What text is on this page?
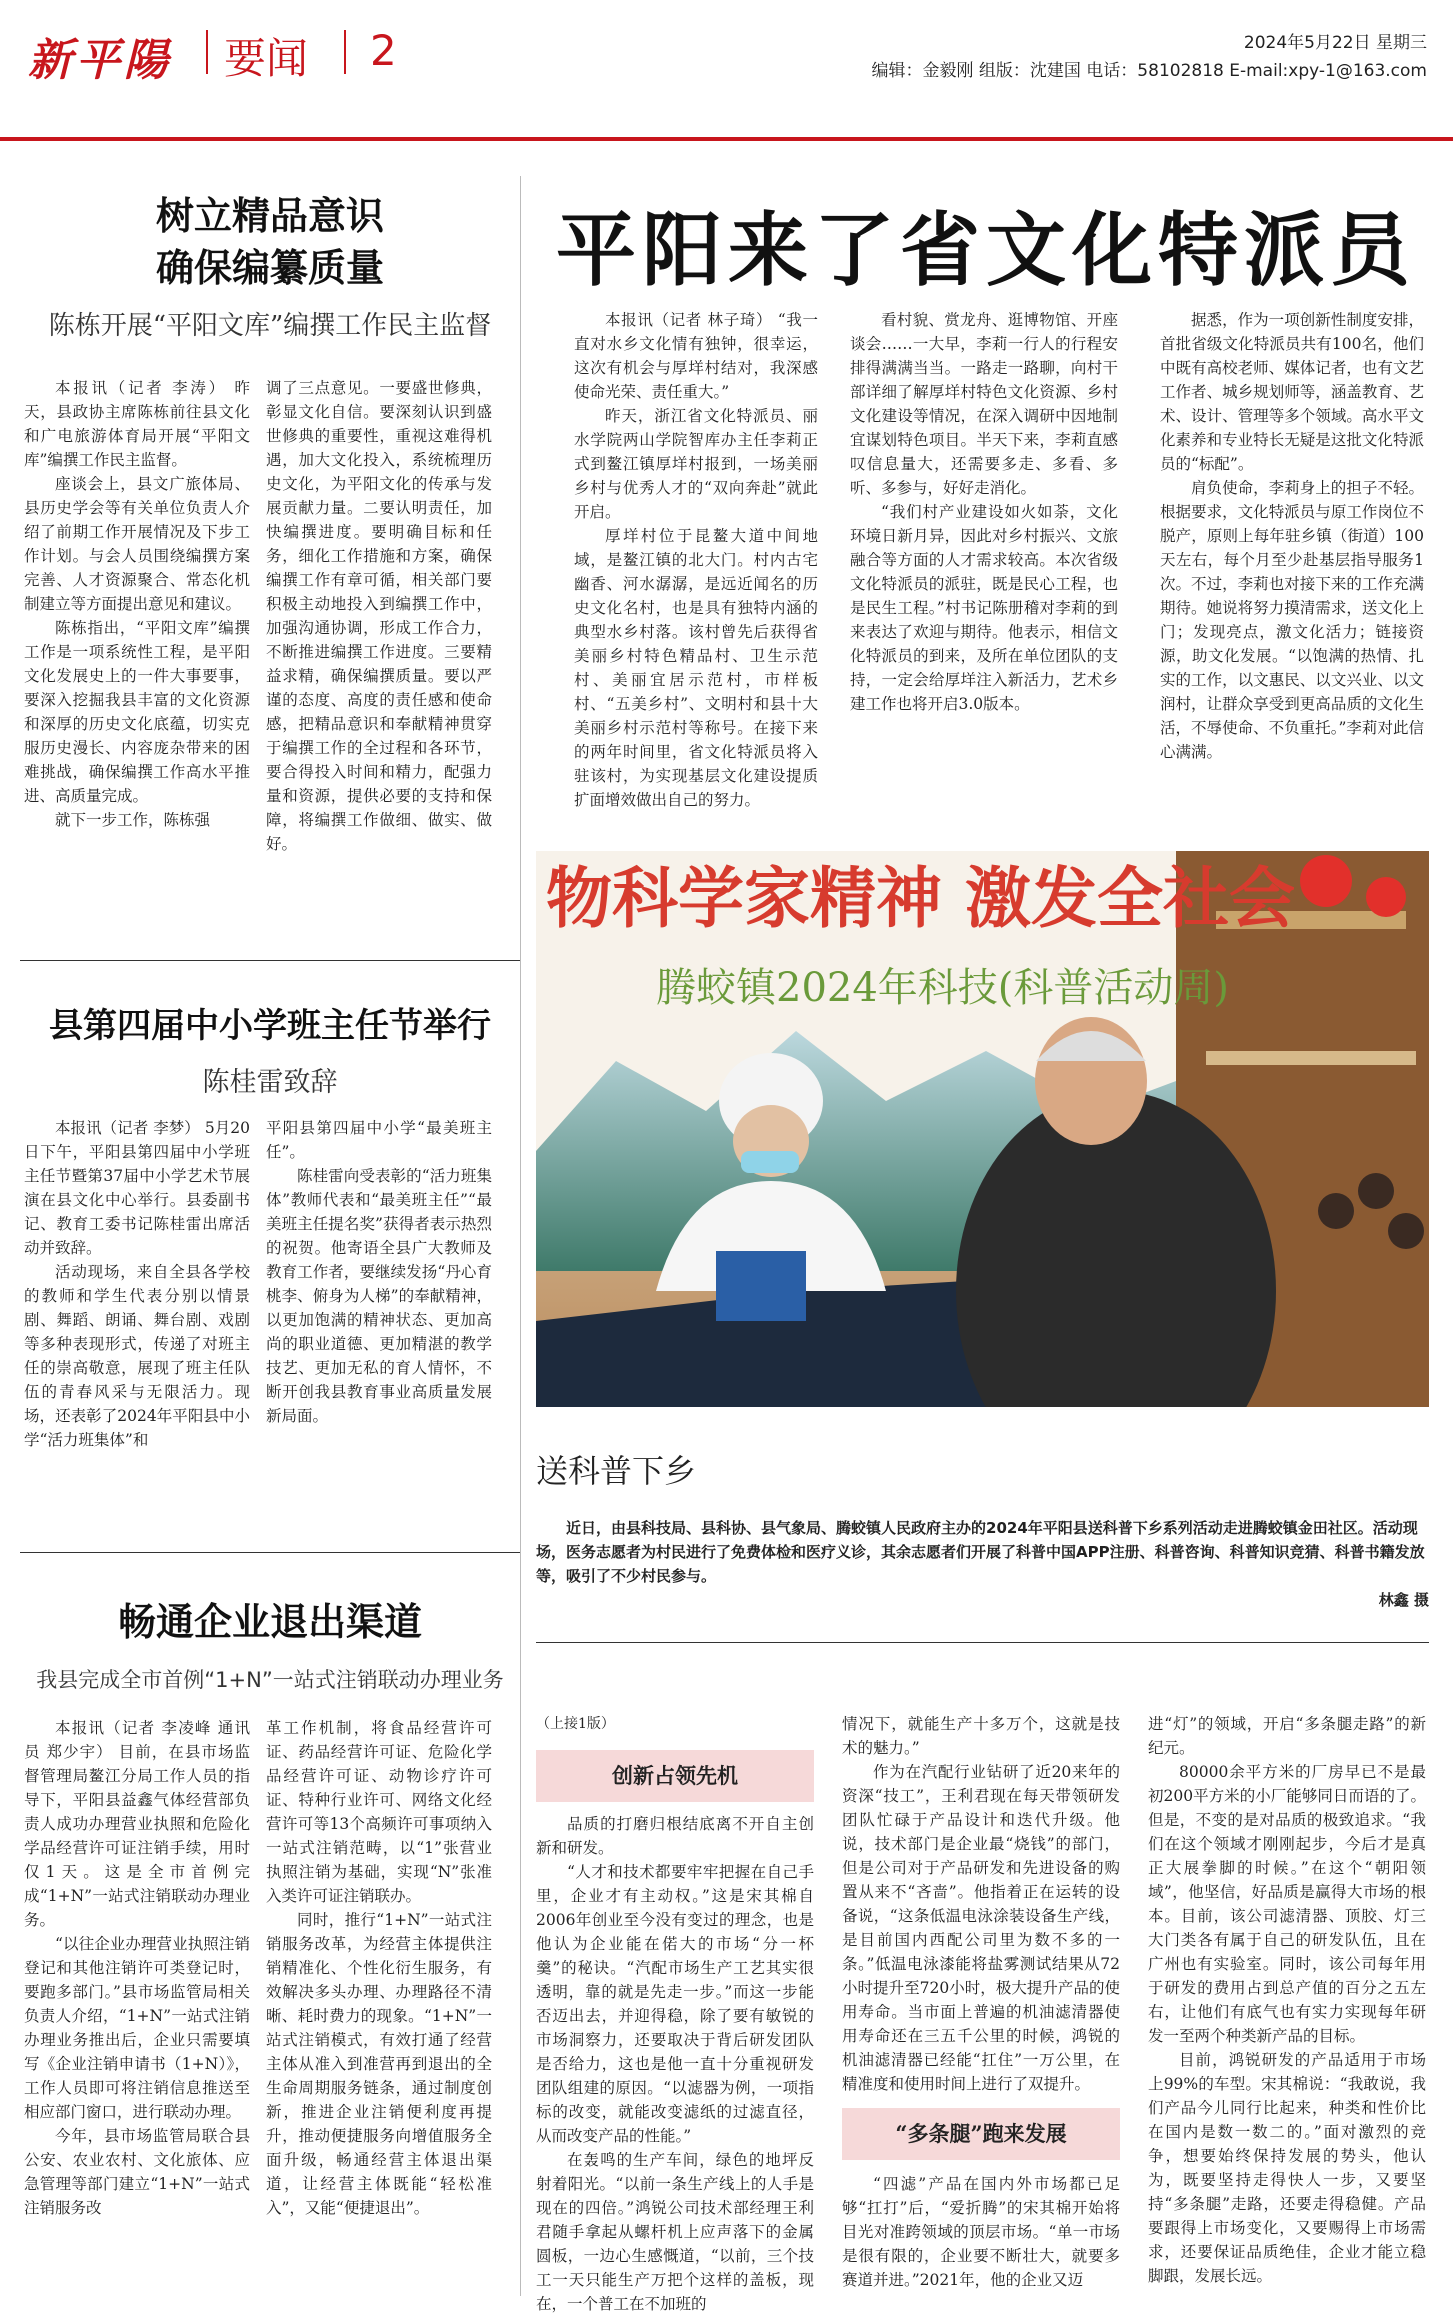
新平陽 要闻 2	2024年5月22日 星期三
编辑：金毅刚 组版：沈建国 电话：58102818 E-mail:xpy-1@163.com
树立精品意识
确保编纂质量
陈栋开展“平阳文库”编撰工作民主监督

本报讯（记者 李涛） 昨天，县政协主席陈栋前往县文化和广电旅游体育局开展“平阳文库”编撰工作民主监督。

座谈会上，县文广旅体局、县历史学会等有关单位负责人介绍了前期工作开展情况及下步工作计划。与会人员围绕编撰方案完善、人才资源聚合、常态化机制建立等方面提出意见和建议。

陈栋指出，“平阳文库”编撰工作是一项系统性工程，是平阳文化发展史上的一件大事要事，要深入挖掘我县丰富的文化资源和深厚的历史文化底蕴，切实克服历史漫长、内容庞杂带来的困难挑战，确保编撰工作高水平推进、高质量完成。

就下一步工作，陈栋强

调了三点意见。一要盛世修典，彰显文化自信。要深刻认识到盛世修典的重要性，重视这难得机遇，加大文化投入，系统梳理历史文化，为平阳文化的传承与发展贡献力量。二要认明责任，加快编撰进度。要明确目标和任务，细化工作措施和方案，确保编撰工作有章可循，相关部门要积极主动地投入到编撰工作中，加强沟通协调，形成工作合力，不断推进编撰工作进度。三要精益求精，确保编撰质量。要以严谨的态度、高度的责任感和使命感，把精品意识和奉献精神贯穿于编撰工作的全过程和各环节，要合得投入时间和精力，配强力量和资源，提供必要的支持和保障，将编撰工作做细、做实、做好。

县第四届中小学班主任节举行
陈桂雷致辞

本报讯（记者 李梦） 5月20日下午，平阳县第四届中小学班主任节暨第37届中小学艺术节展演在县文化中心举行。县委副书记、教育工委书记陈桂雷出席活动并致辞。

活动现场，来自全县各学校的教师和学生代表分别以情景剧、舞蹈、朗诵、舞台剧、戏剧等多种表现形式，传递了对班主任的崇高敬意，展现了班主任队伍的青春风采与无限活力。现场，还表彰了2024年平阳县中小学“活力班集体”和

平阳县第四届中小学“最美班主任”。

陈桂雷向受表彰的“活力班集体”教师代表和“最美班主任”“最美班主任提名奖”获得者表示热烈的祝贺。他寄语全县广大教师及教育工作者，要继续发扬“丹心育桃李、俯身为人梯”的奉献精神，以更加饱满的精神状态、更加高尚的职业道德、更加精湛的教学技艺、更加无私的育人情怀，不断开创我县教育事业高质量发展新局面。

平阳来了省文化特派员

本报讯（记者 林子琦） “我一直对水乡文化情有独钟，很幸运，这次有机会与厚垟村结对，我深感使命光荣、责任重大。”

昨天，浙江省文化特派员、丽水学院两山学院智库办主任李莉正式到鳌江镇厚垟村报到，一场美丽乡村与优秀人才的“双向奔赴”就此开启。

厚垟村位于昆鳌大道中间地域，是鳌江镇的北大门。村内古宅幽香、河水潺潺，是远近闻名的历史文化名村，也是具有独特内涵的典型水乡村落。该村曾先后获得省美丽乡村特色精品村、卫生示范村、美丽宜居示范村，市样板村、“五美乡村”、文明村和县十大美丽乡村示范村等称号。在接下来的两年时间里，省文化特派员将入驻该村，为实现基层文化建设提质扩面增效做出自己的努力。

看村貌、赏龙舟、逛博物馆、开座谈会……一大早，李莉一行人的行程安排得满满当当。一路走一路聊，向村干部详细了解厚垟村特色文化资源、乡村文化建设等情况，在深入调研中因地制宜谋划特色项目。半天下来，李莉直感叹信息量大，还需要多走、多看、多听、多参与，好好走消化。

“我们村产业建设如火如荼，文化环境日新月异，因此对乡村振兴、文旅融合等方面的人才需求较高。本次省级文化特派员的派驻，既是民心工程，也是民生工程。”村书记陈册稽对李莉的到来表达了欢迎与期待。他表示，相信文化特派员的到来，及所在单位团队的支持，一定会给厚垟注入新活力，艺术乡建工作也将开启3.0版本。

据悉，作为一项创新性制度安排，首批省级文化特派员共有100名，他们中既有高校老师、媒体记者，也有文艺工作者、城乡规划师等，涵盖教育、艺术、设计、管理等多个领域。高水平文化素养和专业特长无疑是这批文化特派员的“标配”。

肩负使命，李莉身上的担子不轻。根据要求，文化特派员与原工作岗位不脱产，原则上每年驻乡镇（街道）100天左右，每个月至少赴基层指导服务1次。不过，李莉也对接下来的工作充满期待。她说将努力摸清需求，送文化上门；发现亮点，激文化活力；链接资源，助文化发展。“以饱满的热情、扎实的工作，以文惠民、以文兴业、以文润村，让群众享受到更高品质的文化生活，不辱使命、不负重托。”李莉对此信心满满。

物科学家精神 激发全社会
腾蛟镇2024年科技(科普活动周)
送科普下乡
近日，由县科技局、县科协、县气象局、腾蛟镇人民政府主办的2024年平阳县送科普下乡系列活动走进腾蛟镇金田社区。活动现场，医务志愿者为村民进行了免费体检和医疗义诊，其余志愿者们开展了科普中国APP注册、科普咨询、科普知识竞猜、科普书籍发放等，吸引了不少村民参与。
林鑫 摄
畅通企业退出渠道
我县完成全市首例“1+N”一站式注销联动办理业务

本报讯（记者 李凌峰 通讯员 郑少宇） 目前，在县市场监督管理局鳌江分局工作人员的指导下，平阳县益鑫气体经营部负责人成功办理营业执照和危险化学品经营许可证注销手续，用时仅1天。这是全市首例完成“1+N”一站式注销联动办理业务。

“以往企业办理营业执照注销登记和其他注销许可类登记时，要跑多部门。”县市场监管局相关负责人介绍，“1+N”一站式注销办理业务推出后，企业只需要填写《企业注销申请书（1+N）》，工作人员即可将注销信息推送至相应部门窗口，进行联动办理。

今年，县市场监管局联合县公安、农业农村、文化旅体、应急管理等部门建立“1+N”一站式注销服务改

革工作机制，将食品经营许可证、药品经营许可证、危险化学品经营许可证、动物诊疗许可证、特种行业许可、网络文化经营许可等13个高频许可事项纳入一站式注销范畴，以“1”张营业执照注销为基础，实现“N”张准入类许可证注销联办。

同时，推行“1+N”一站式注销服务改革，为经营主体提供注销精准化、个性化衍生服务，有效解决多头办理、办理路径不清晰、耗时费力的现象。“1+N”一站式注销模式，有效打通了经营主体从准入到准营再到退出的全生命周期服务链条，通过制度创新，推进企业注销便利度再提升，推动便捷服务向增值服务全面升级，畅通经营主体退出渠道，让经营主体既能“轻松准入”，又能“便捷退出”。

（上接1版）
创新占领先机

品质的打磨归根结底离不开自主创新和研发。

“人才和技术都要牢牢把握在自己手里，企业才有主动权。”这是宋其棉自2006年创业至今没有变过的理念，也是他认为企业能在偌大的市场“分一杯羹”的秘诀。“汽配市场生产工艺其实很透明，靠的就是先走一步。”而这一步能否迈出去，并迎得稳，除了要有敏锐的市场洞察力，还要取决于背后研发团队是否给力，这也是他一直十分重视研发团队组建的原因。“以滤器为例，一项指标的改变，就能改变滤纸的过滤直径，从而改变产品的性能。”

在轰鸣的生产车间，绿色的地坪反射着阳光。“以前一条生产线上的人手是现在的四倍。”鸿锐公司技术部经理王利君随手拿起从螺杆机上应声落下的金属圆板，一边心生感慨道，“以前，三个技工一天只能生产万把个这样的盖板，现在，一个普工在不加班的

情况下，就能生产十多万个，这就是技术的魅力。”

作为在汽配行业钻研了近20来年的资深“技工”，王利君现在每天带领研发团队忙碌于产品设计和迭代升级。他说，技术部门是企业最“烧钱”的部门，但是公司对于产品研发和先进设备的购置从来不“吝啬”。他指着正在运转的设备说，“这条低温电泳涂装设备生产线，是目前国内西配公司里为数不多的一条。”低温电泳漆能将盐雾测试结果从72小时提升至720小时，极大提升产品的使用寿命。当市面上普遍的机油滤清器使用寿命还在三五千公里的时候，鸿锐的机油滤清器已经能“扛住”一万公里，在精准度和使用时间上进行了双提升。

“多条腿”跑来发展

“四滤”产品在国内外市场都已足够“扛打”后，“爱折腾”的宋其棉开始将目光对准跨领域的顶层市场。“单一市场是很有限的，企业要不断壮大，就要多赛道并进。”2021年，他的企业又迈

进“灯”的领域，开启“多条腿走路”的新纪元。

80000余平方米的厂房早已不是最初200平方米的小厂能够同日而语的了。但是，不变的是对品质的极致追求。“我们在这个领域才刚刚起步，今后才是真正大展拳脚的时候。”在这个“朝阳领域”，他坚信，好品质是赢得大市场的根本。目前，该公司滤清器、顶胶、灯三大门类各有属于自己的研发队伍，且在广州也有实验室。同时，该公司每年用于研发的费用占到总产值的百分之五左右，让他们有底气也有实力实现每年研发一至两个种类新产品的目标。

目前，鸿锐研发的产品适用于市场上99%的车型。宋其棉说：“我敢说，我们产品今儿同行比起来，种类和性价比在国内是数一数二的。”面对激烈的竞争，想要始终保持发展的势头，他认为，既要坚持走得快人一步，又要坚持“多条腿”走路，还要走得稳健。产品要跟得上市场变化，又要赐得上市场需求，还要保证品质绝佳，企业才能立稳脚跟，发展长远。
